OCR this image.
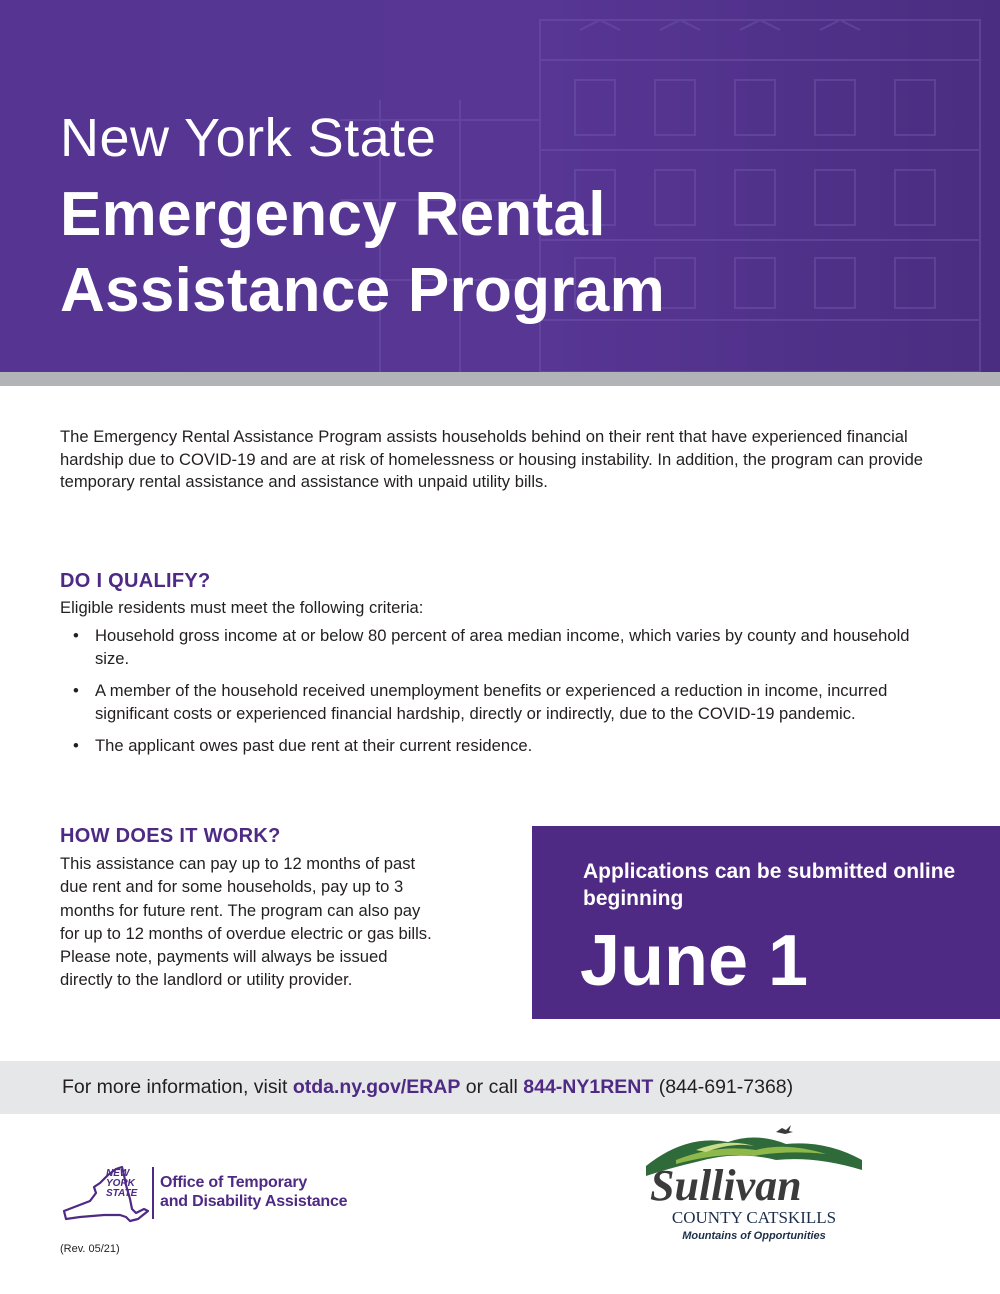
New York State
Emergency Rental
Assistance Program

The Emergency Rental Assistance Program assists households behind on their rent that have experienced financial hardship due to COVID-19 and are at risk of homelessness or housing instability. In addition, the program can provide temporary rental assistance and assistance with unpaid utility bills.

DO I QUALIFY?
Eligible residents must meet the following criteria:
• Household gross income at or below 80 percent of area median income, which varies by county and household size.
• A member of the household received unemployment benefits or experienced a reduction in income, incurred significant costs or experienced financial hardship, directly or indirectly, due to the COVID-19 pandemic.
• The applicant owes past due rent at their current residence.
HOW DOES IT WORK?

This assistance can pay up to 12 months of past due rent and for some households, pay up to 3 months for future rent. The program can also pay for up to 12 months of overdue electric or gas bills. Please note, payments will always be issued directly to the landlord or utility provider.

Applications can be submitted online beginning
June 1
For more information, visit otda.ny.gov/ERAP or call 844-NY1RENT (844-691-7368)
NEW
YORK
STATE
Office of Temporary
and Disability Assistance
(Rev. 05/21)
Sullivan
COUNTY CATSKILLS
Mountains of Opportunities
